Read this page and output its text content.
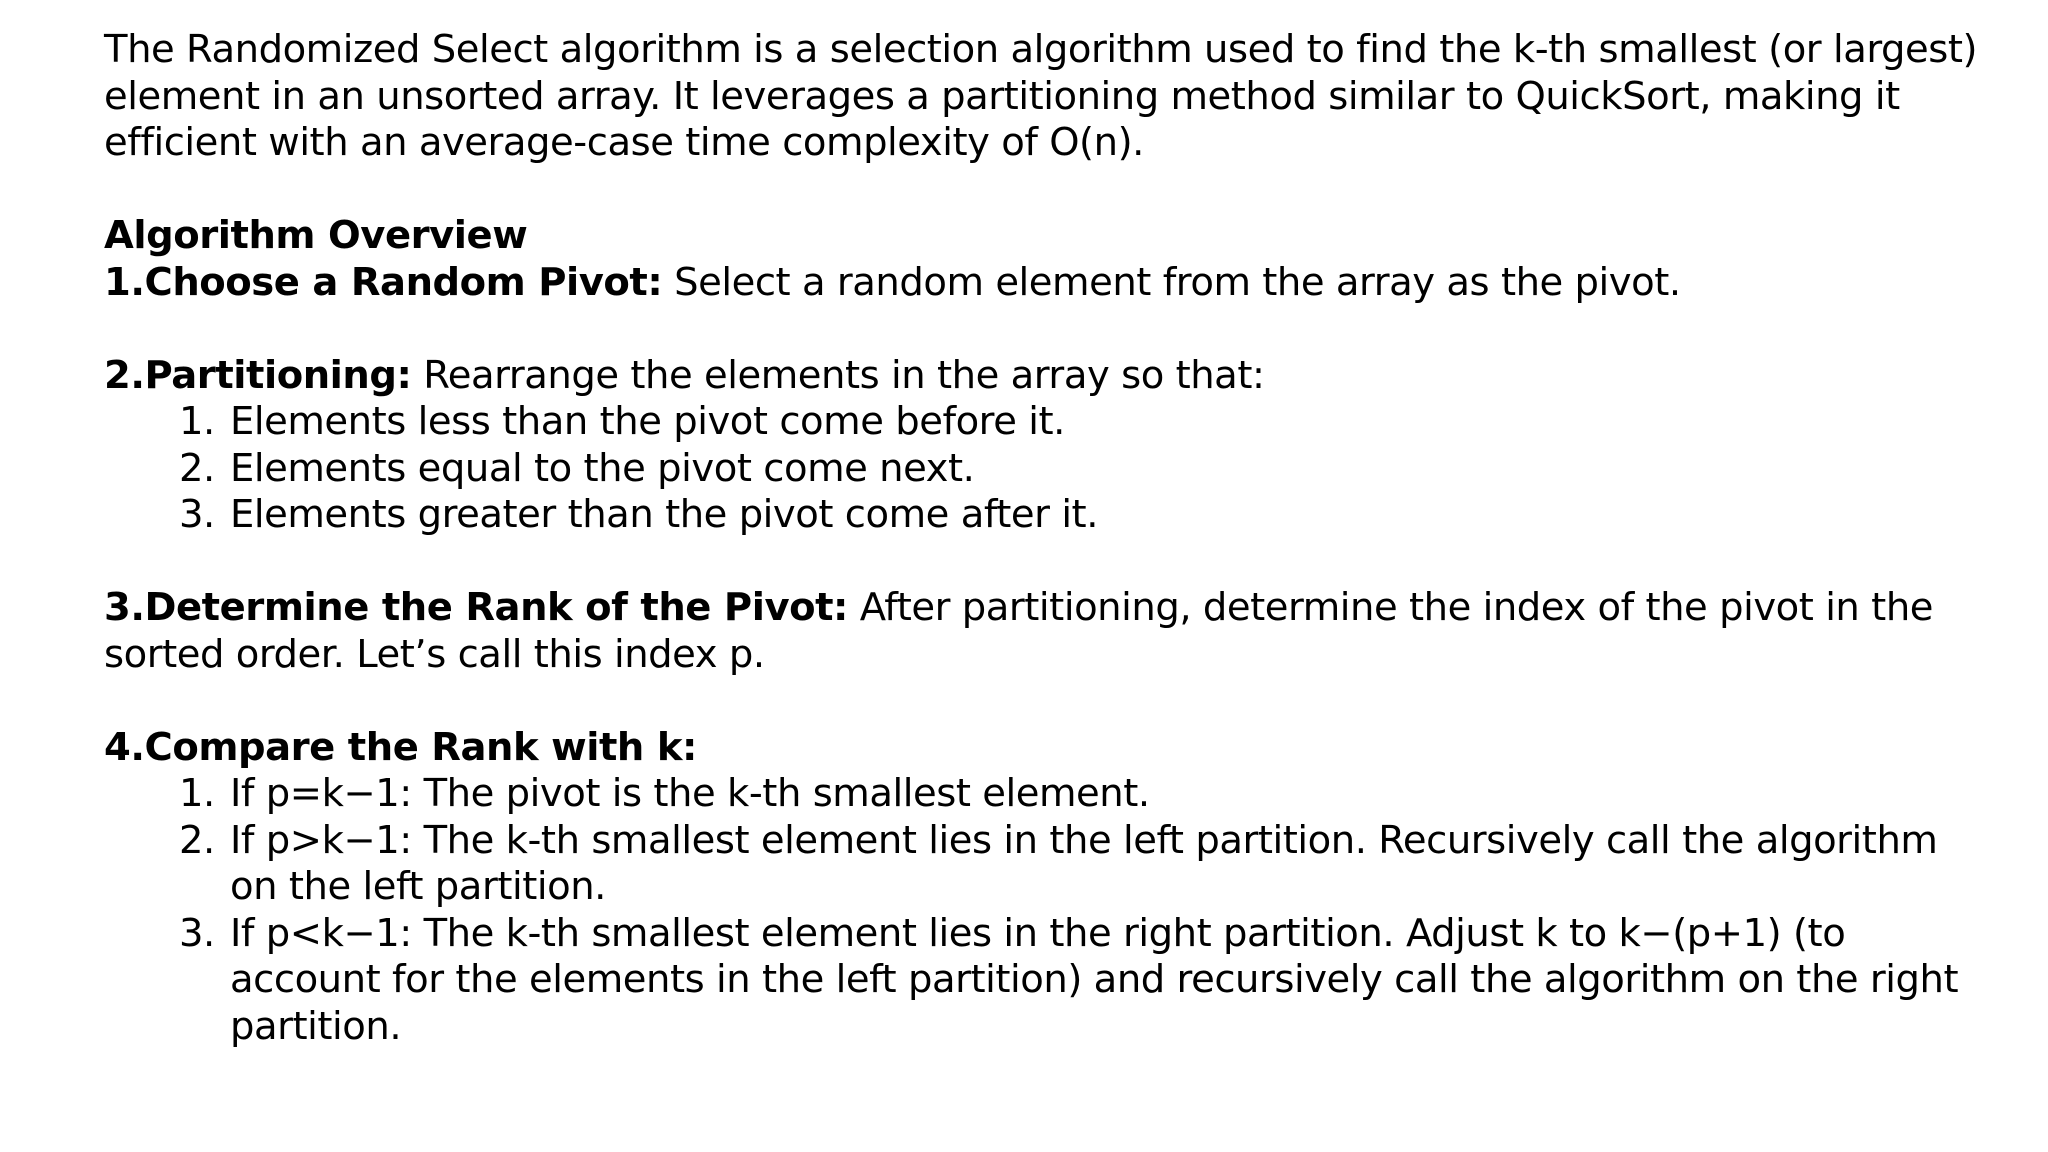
The Randomized Select algorithm is a selection algorithm used to find the k-th smallest (or largest) element in an unsorted array. It leverages a partitioning method similar to QuickSort, making it efficient with an average-case time complexity of O(n).

Algorithm Overview

1.Choose a Random Pivot: Select a random element from the array as the pivot.

2.Partitioning: Rearrange the elements in the array so that:

1. Elements less than the pivot come before it.
2. Elements equal to the pivot come next.
3. Elements greater than the pivot come after it.

3.Determine the Rank of the Pivot: After partitioning, determine the index of the pivot in the sorted order. Let’s call this index p.

4.Compare the Rank with k:

1. If p=k−1: The pivot is the k-th smallest element.
2. If p>k−1: The k-th smallest element lies in the left partition. Recursively call the algorithm on the left partition.
3. If p<k−1: The k-th smallest element lies in the right partition. Adjust k to k−(p+1) (to account for the elements in the left partition) and recursively call the algorithm on the right partition.
